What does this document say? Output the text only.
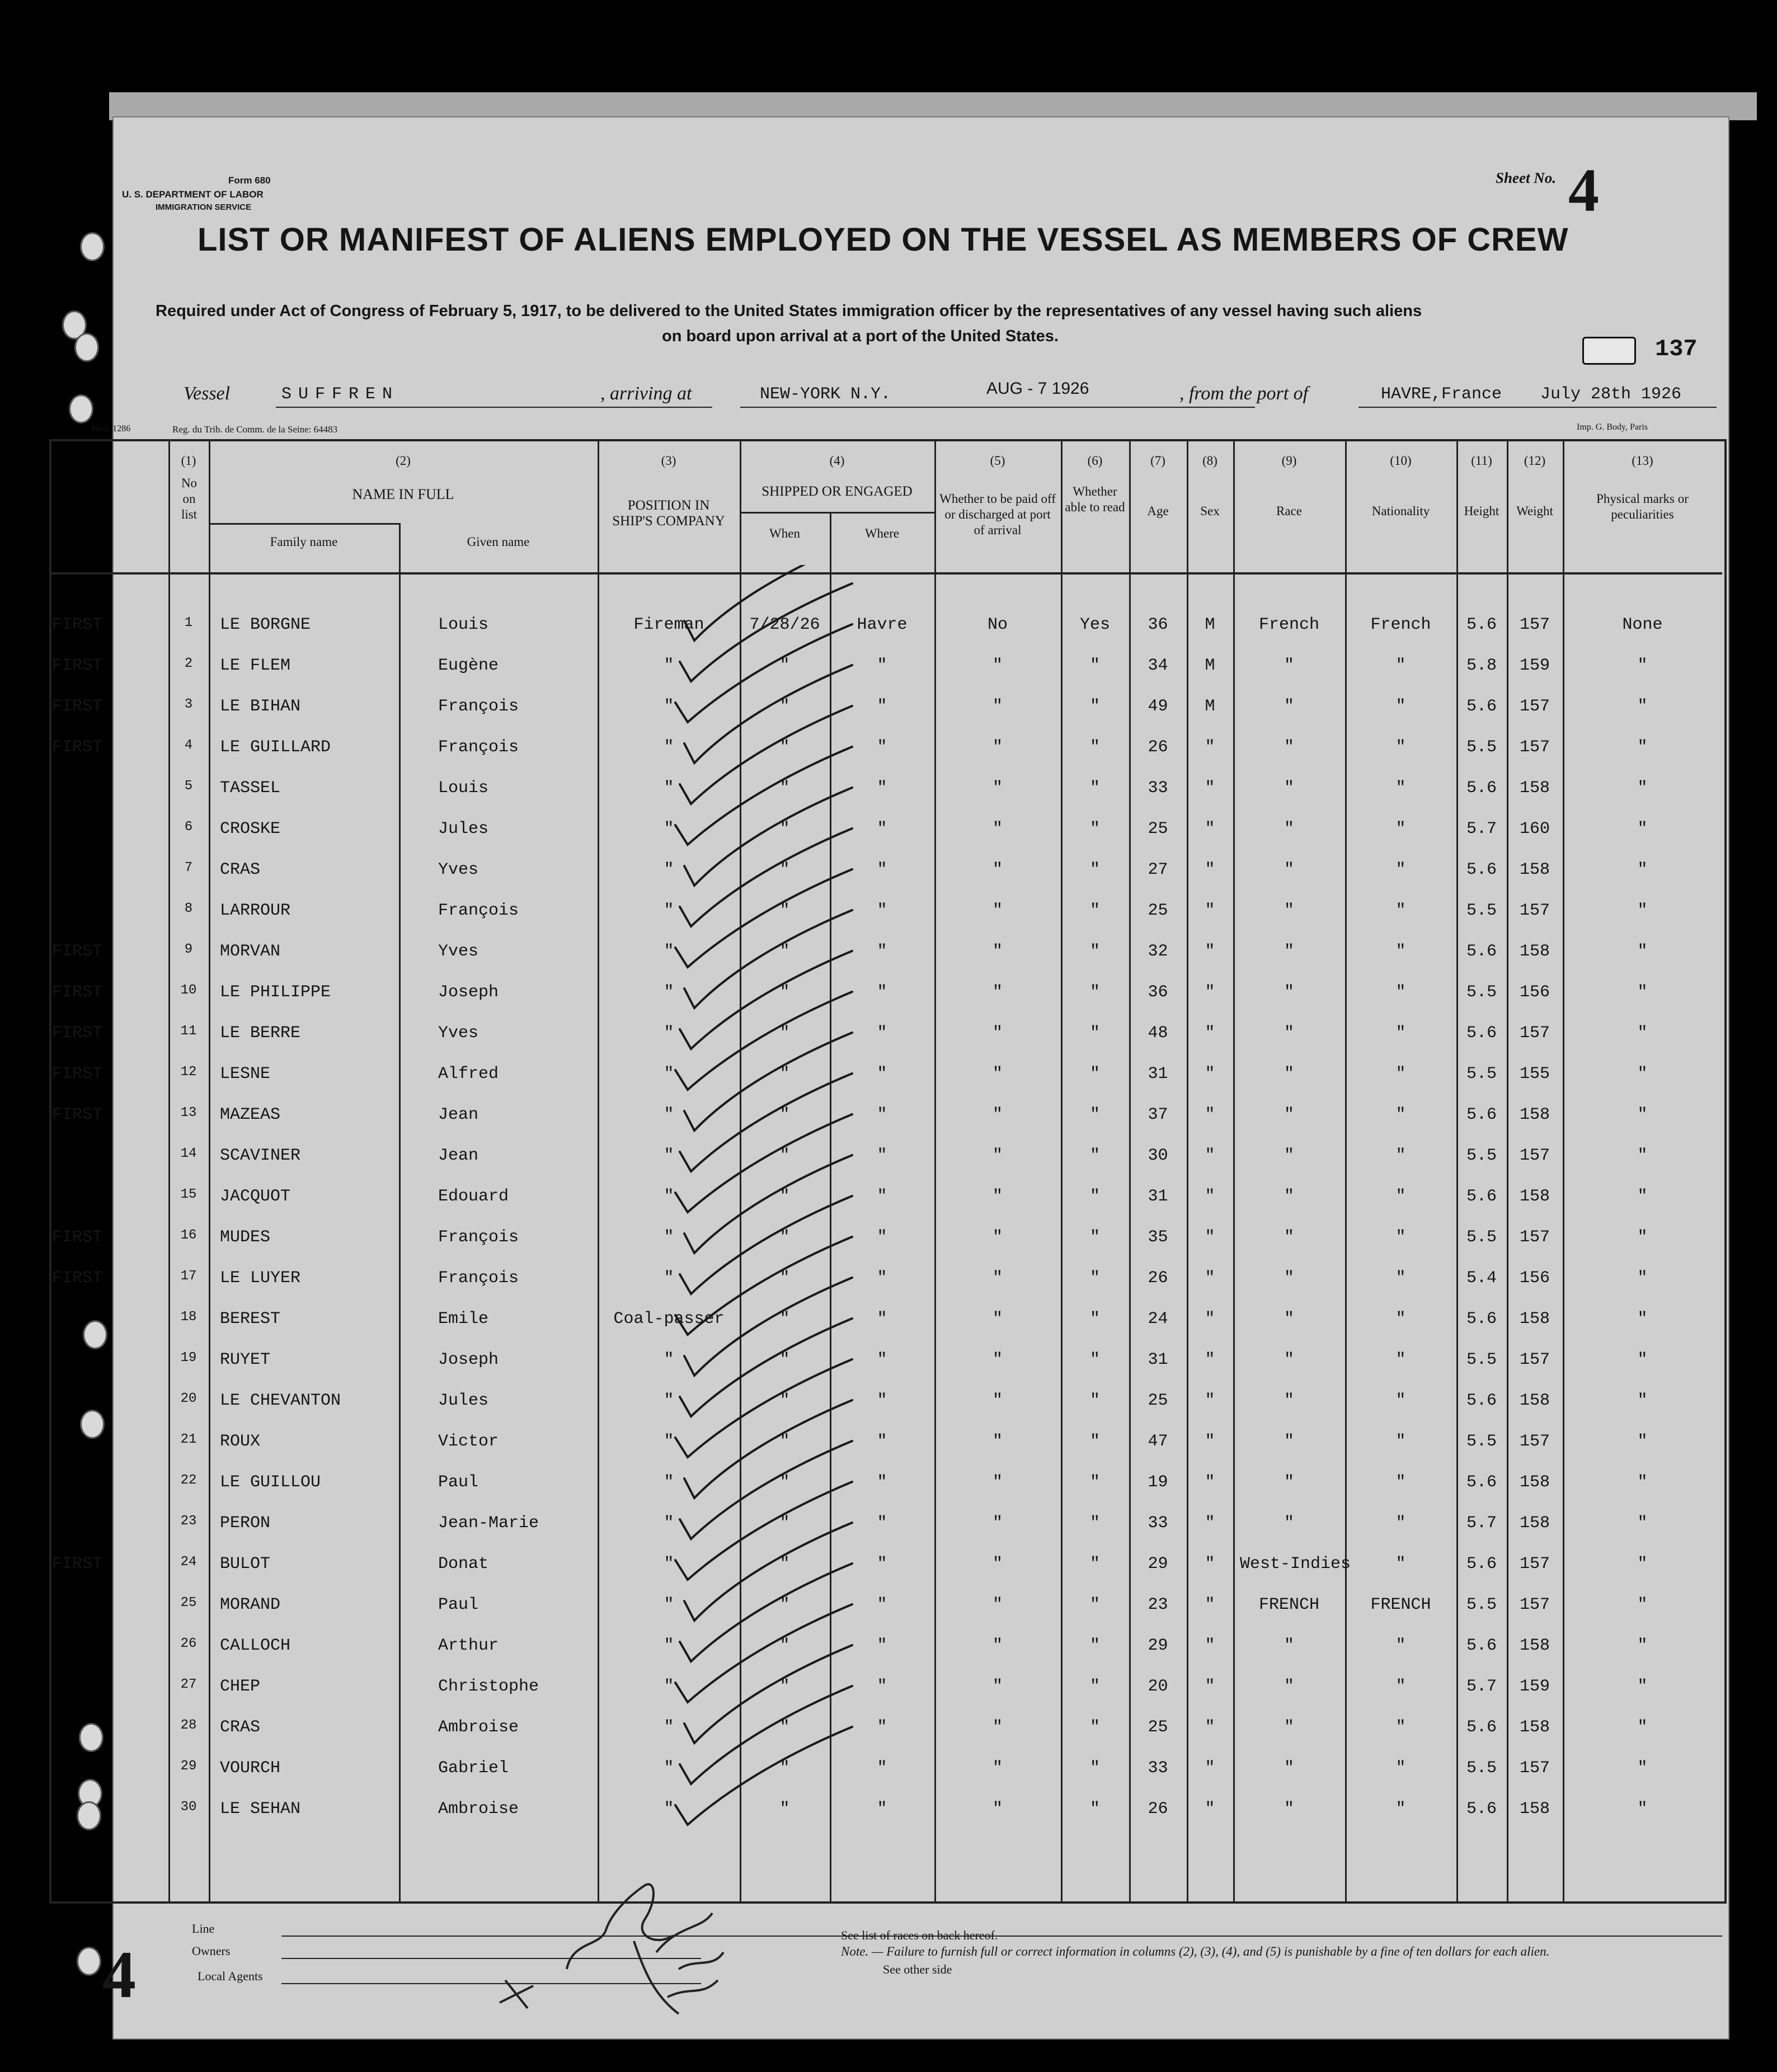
Form 680
U. S. DEPARTMENT OF LABOR
IMMIGRATION SERVICE
Sheet No. 4
LIST OR MANIFEST OF ALIENS EMPLOYED ON THE VESSEL AS MEMBERS OF CREW
Required under Act of Congress of February 5, 1917, to be delivered to the United States immigration officer by the representatives of any vessel having such aliens
on board upon arrival at a port of the United States.	137
Vessel	SUFFREN	, arriving at	NEW-YORK N.Y.	AUG - 7 1926	, from the port of	HAVRE,France July 28th 1926
Mod. 1286	Reg. du Trib. de Comm. de la Seine: 64483	Imp. G. Body, Paris
(1)
No on list
(2)
NAME IN FULL
Family name	Given name
(3)
POSITION IN SHIP'S COMPANY
(4)
SHIPPED OR ENGAGED
When	Where
(5)
Whether to be paid off or discharged at port of arrival
(6)
Whether able to read
(7)
Age
(8)
Sex
(9)
Race
(10)
Nationality
(11)
Height
(12)
Weight
(13)
Physical marks or peculiarities
FIRST	1	LE BORGNE	Louis	Fireman	7/28/26	Havre	No	Yes	36	M	French	French	5.6	157	None
FIRST	2	LE FLEM	Eugène	"	"	"	"	"	34	M	"	"	5.8	159	"
FIRST	3	LE BIHAN	François	"	"	"	"	"	49	M	"	"	5.6	157	"
FIRST	4	LE GUILLARD	François	"	"	"	"	"	26	"	"	"	5.5	157	"
5	TASSEL	Louis	"	"	"	"	"	33	"	"	"	5.6	158	"
6	CROSKE	Jules	"	"	"	"	"	25	"	"	"	5.7	160	"
7	CRAS	Yves	"	"	"	"	"	27	"	"	"	5.6	158	"
8	LARROUR	François	"	"	"	"	"	25	"	"	"	5.5	157	"
FIRST	9	MORVAN	Yves	"	"	"	"	"	32	"	"	"	5.6	158	"
FIRST	10	LE PHILIPPE	Joseph	"	"	"	"	"	36	"	"	"	5.5	156	"
FIRST	11	LE BERRE	Yves	"	"	"	"	"	48	"	"	"	5.6	157	"
FIRST	12	LESNE	Alfred	"	"	"	"	"	31	"	"	"	5.5	155	"
FIRST	13	MAZEAS	Jean	"	"	"	"	"	37	"	"	"	5.6	158	"
14	SCAVINER	Jean	"	"	"	"	"	30	"	"	"	5.5	157	"
15	JACQUOT	Edouard	"	"	"	"	"	31	"	"	"	5.6	158	"
FIRST	16	MUDES	François	"	"	"	"	"	35	"	"	"	5.5	157	"
FIRST	17	LE LUYER	François	"	"	"	"	"	26	"	"	"	5.4	156	"
18	BEREST	Emile	Coal-passer	"	"	"	"	24	"	"	"	5.6	158	"
19	RUYET	Joseph	"	"	"	"	"	31	"	"	"	5.5	157	"
20	LE CHEVANTON	Jules	"	"	"	"	"	25	"	"	"	5.6	158	"
21	ROUX	Victor	"	"	"	"	"	47	"	"	"	5.5	157	"
22	LE GUILLOU	Paul	"	"	"	"	"	19	"	"	"	5.6	158	"
23	PERON	Jean-Marie	"	"	"	"	"	33	"	"	"	5.7	158	"
FIRST	24	BULOT	Donat	"	"	"	"	"	29	"	West-Indies	"	5.6	157	"
25	MORAND	Paul	"	"	"	"	"	23	"	FRENCH	FRENCH	5.5	157	"
26	CALLOCH	Arthur	"	"	"	"	"	29	"	"	"	5.6	158	"
27	CHEP	Christophe	"	"	"	"	"	20	"	"	"	5.7	159	"
28	CRAS	Ambroise	"	"	"	"	"	25	"	"	"	5.6	158	"
29	VOURCH	Gabriel	"	"	"	"	"	33	"	"	"	5.5	157	"
30	LE SEHAN	Ambroise	"	"	"	"	"	26	"	"	"	5.6	158	"
Line
Owners
Local Agents
See list of races on back hereof.
Note. — Failure to furnish full or correct information in columns (2), (3), (4), and (5) is punishable by a fine of ten dollars for each alien.
See other side
4
